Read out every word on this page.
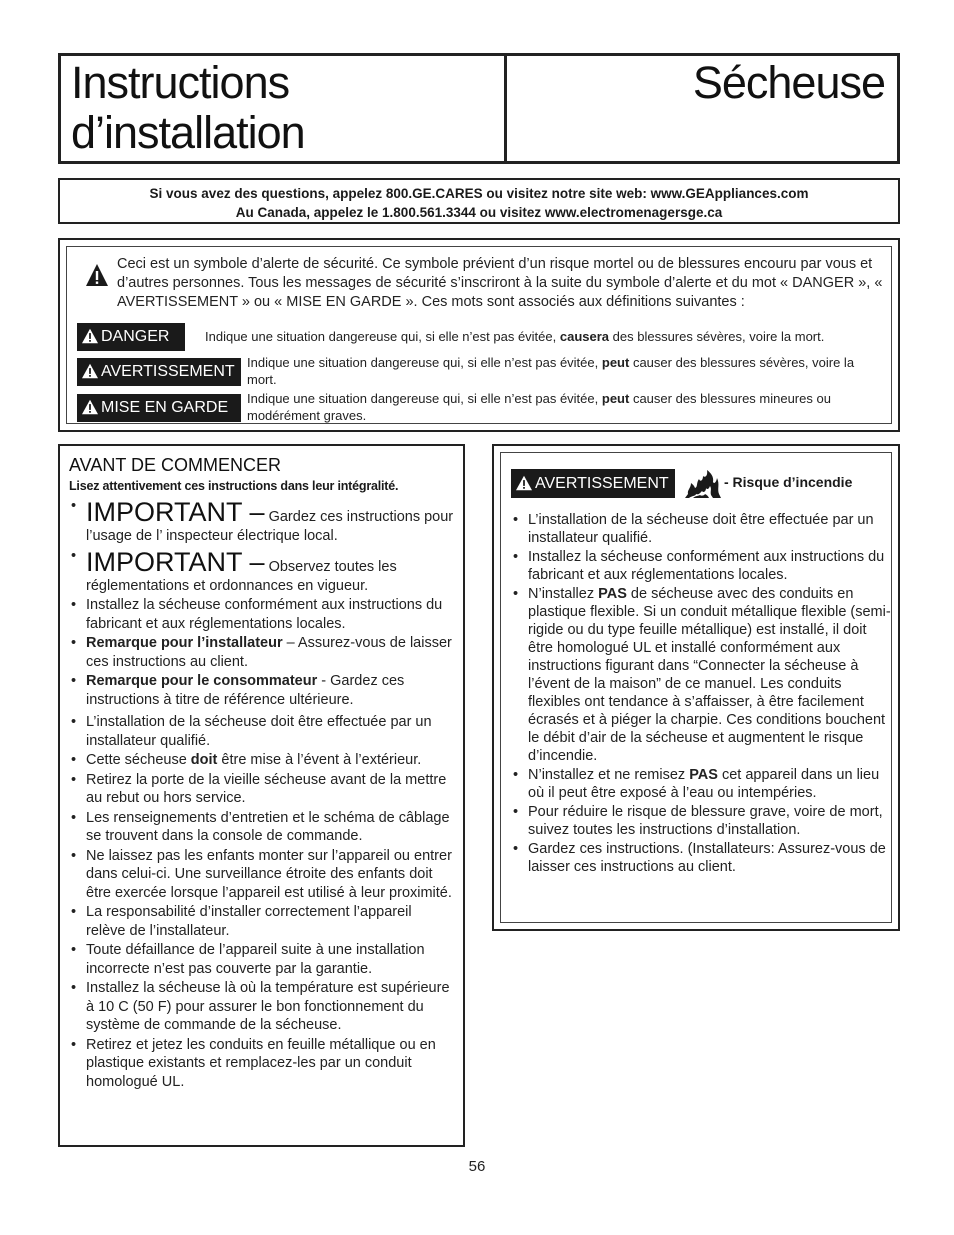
Instructions
d’installation
Sécheuse
Si vous avez des questions, appelez 800.GE.CARES ou visitez notre site web: www.GEAppliances.com
Au Canada, appelez le 1.800.561.3344 ou visitez www.electromenagersge.ca
Ceci est un symbole d’alerte de sécurité. Ce symbole prévient d’un risque mortel ou de blessures encouru par vous et d’autres personnes. Tous les messages de sécurité s’inscriront à la suite du symbole d’alerte et du mot « DANGER », « AVERTISSEMENT » ou « MISE EN GARDE ». Ces mots sont associés aux définitions suivantes :
DANGER	Indique une situation dangereuse qui, si elle n’est pas évitée, causera des blessures sévères, voire la mort.
AVERTISSEMENT
Indique une situation dangereuse qui, si elle n’est pas évitée, peut causer des blessures sévères, voire la mort.
MISE EN GARDE
Indique une situation dangereuse qui, si elle n’est pas évitée, peut causer des blessures mineures ou modérément graves.
AVANT DE COMMENCER
Lisez attentivement ces instructions dans leur intégralité.
• IMPORTANT – Gardez ces instructions pour l’usage de l’ inspecteur électrique local.
• IMPORTANT – Observez toutes les réglementations et ordonnances en vigueur.
• Installez la sécheuse conformément aux instructions du fabricant et aux réglementations locales.
• Remarque pour l’installateur – Assurez-vous de laisser ces instructions au client.
• Remarque pour le consommateur - Gardez ces instructions à titre de référence ultérieure.
• L’installation de la sécheuse doit être effectuée par un installateur qualifié.
• Cette sécheuse doit être mise à l’évent à l’extérieur.
• Retirez la porte de la vieille sécheuse avant de la mettre au rebut ou hors service.
• Les renseignements d’entretien et le schéma de câblage se trouvent dans la console de commande.
• Ne laissez pas les enfants monter sur l’appareil ou entrer dans celui-ci. Une surveillance étroite des enfants doit être exercée lorsque l’appareil est utilisé à leur proximité.
• La responsabilité d’installer correctement l’appareil relève de l’installateur.
• Toute défaillance de l’appareil suite à une installation incorrecte n’est pas couverte par la garantie.
• Installez la sécheuse là où la température est supérieure à 10 C (50 F) pour assurer le bon fonctionnement du système de commande de la sécheuse.
• Retirez et jetez les conduits en feuille métallique ou en plastique existants et remplacez-les par un conduit homologué UL.
AVERTISSEMENT	- Risque d’incendie
• L’installation de la sécheuse doit être effectuée par un installateur qualifié.
• Installez la sécheuse conformément aux instructions du fabricant et aux réglementations locales.
• N’installez PAS de sécheuse avec des conduits en plastique flexible. Si un conduit métallique flexible (semi-rigide ou du type feuille métallique) est installé, il doit être homologué UL et installé conformément aux instructions figurant dans “Connecter la sécheuse à l’évent de la maison” de ce manuel. Les conduits flexibles ont tendance à s’affaisser, à être facilement écrasés et à piéger la charpie. Ces conditions bouchent le débit d’air de la sécheuse et augmentent le risque d’incendie.
• N’installez et ne remisez PAS cet appareil dans un lieu où il peut être exposé à l’eau ou intempéries.
• Pour réduire le risque de blessure grave, voire de mort, suivez toutes les instructions d’installation.
• Gardez ces instructions. (Installateurs: Assurez-vous de laisser ces instructions au client.
56
